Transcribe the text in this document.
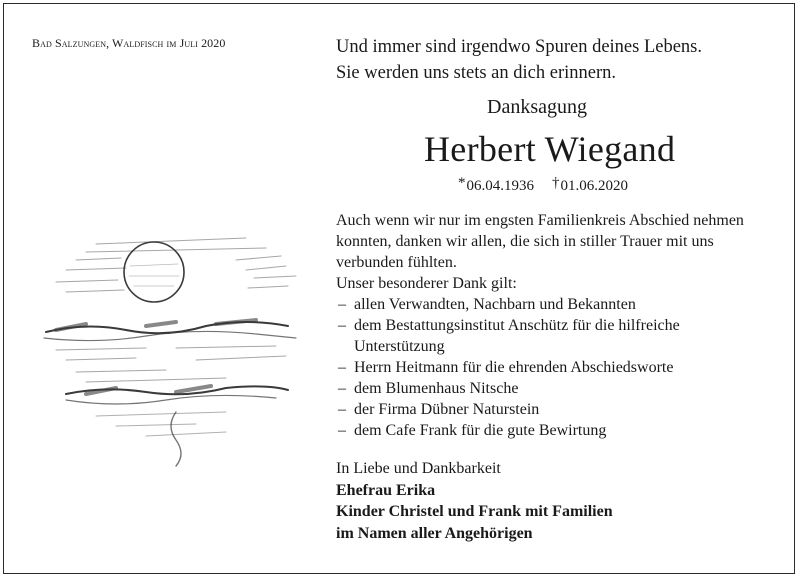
Bad Salzungen, Waldfisch im Juli 2020	Und immer sind irgendwo Spuren deines Lebens.
Sie werden uns stets an dich erinnern.
Danksagung
Herbert Wiegand
*06.04.1936 †01.06.2020

Auch wenn wir nur im engsten Familienkreis Abschied nehmen konnten, danken wir allen, die sich in stiller Trauer mit uns verbunden fühlten.

Unser besonderer Dank gilt:

– allen Verwandten, Nachbarn und Bekannten
– dem Bestattungsinstitut Anschütz für die hilfreiche Unterstützung
– Herrn Heitmann für die ehrenden Abschiedsworte
– dem Blumenhaus Nitsche
– der Firma Dübner Naturstein
– dem Cafe Frank für die gute Bewirtung
In Liebe und Dankbarkeit
Ehefrau Erika
Kinder Christel und Frank mit Familien
im Namen aller Angehörigen
